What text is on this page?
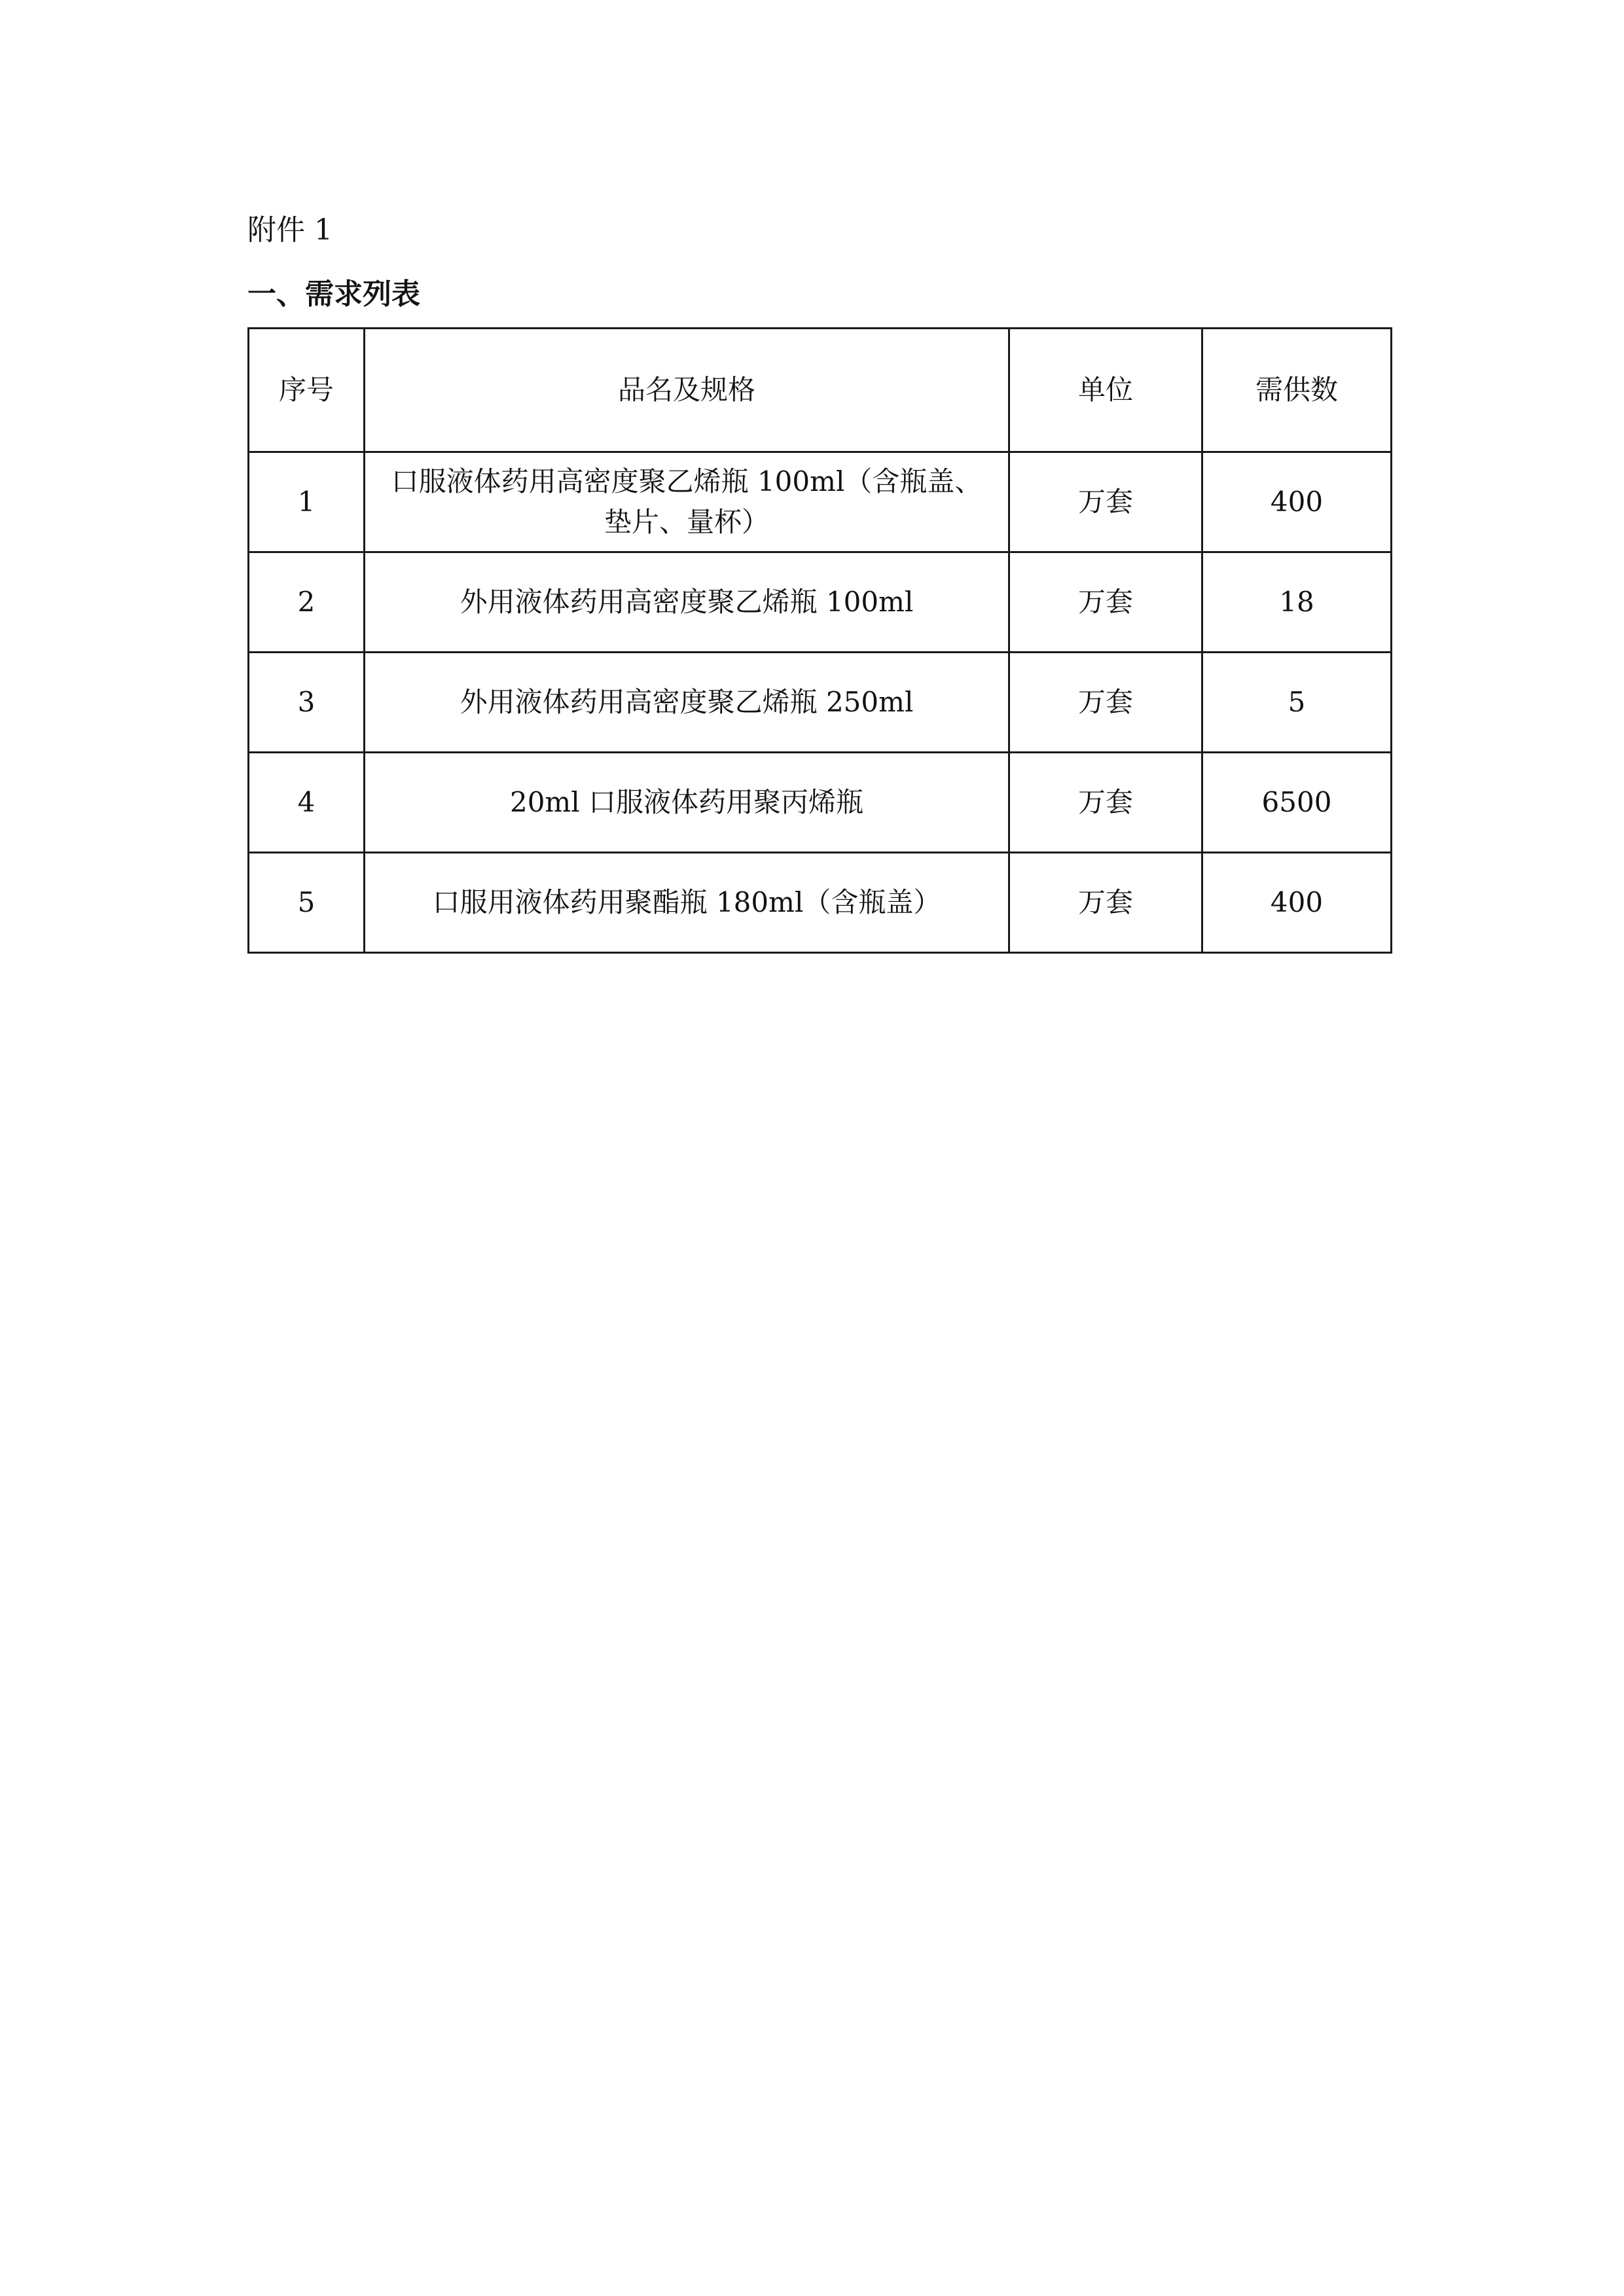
附件 1
一、需求列表
序号	品名及规格	单位	需供数
1	口服液体药用高密度聚乙烯瓶 100ml（含瓶盖、垫片、量杯）	万套	400
2	外用液体药用高密度聚乙烯瓶 100ml	万套	18
3	外用液体药用高密度聚乙烯瓶 250ml	万套	5
4	20ml 口服液体药用聚丙烯瓶	万套	6500
5	口服用液体药用聚酯瓶 180ml（含瓶盖）	万套	400
